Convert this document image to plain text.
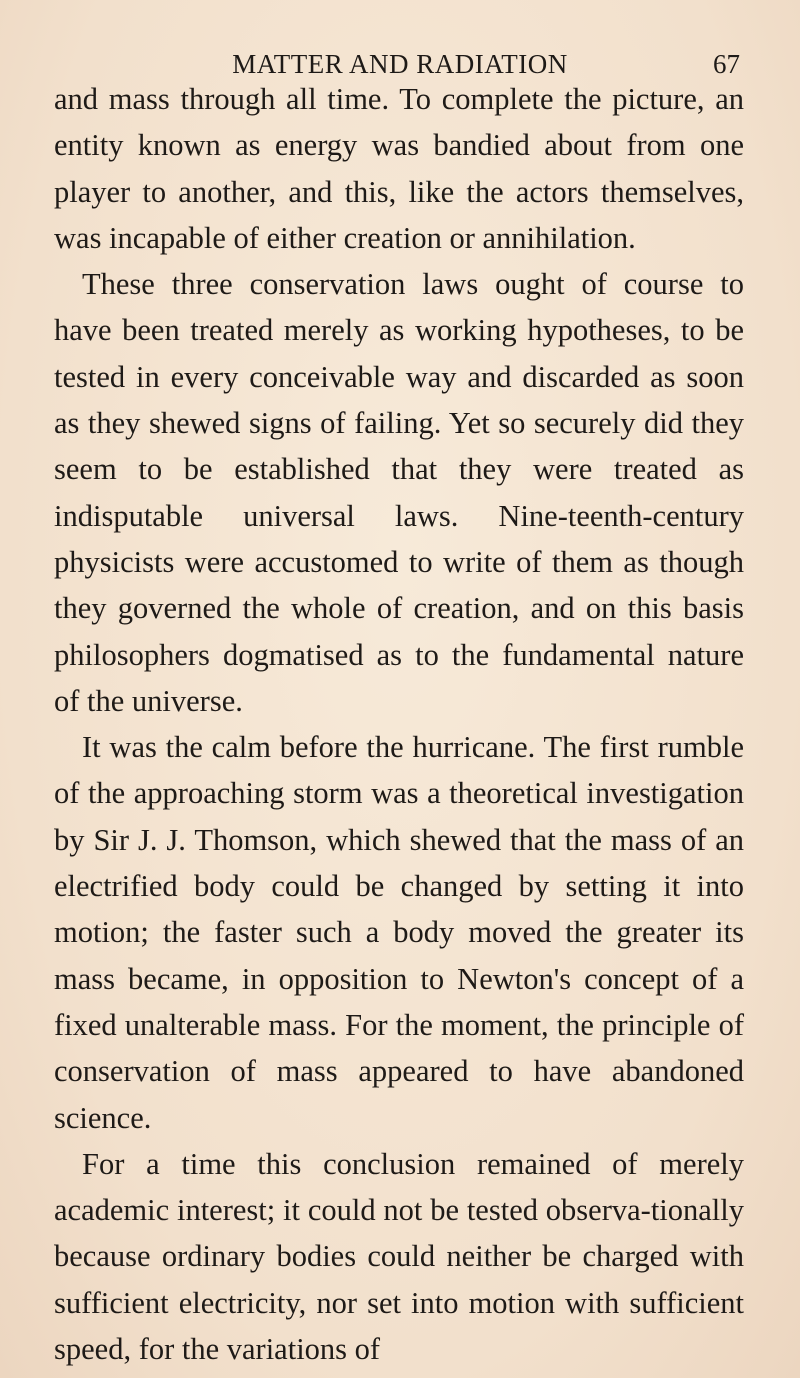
MATTER AND RADIATION	67

and mass through all time. To complete the picture, an entity known as energy was bandied about from one player to another, and this, like the actors themselves, was incapable of either creation or annihilation.

These three conservation laws ought of course to have been treated merely as working hypotheses, to be tested in every conceivable way and discarded as soon as they shewed signs of failing. Yet so securely did they seem to be established that they were treated as indisputable universal laws. Nine-teenth-century physicists were accustomed to write of them as though they governed the whole of creation, and on this basis philosophers dogmatised as to the fundamental nature of the universe.

It was the calm before the hurricane. The first rumble of the approaching storm was a theoretical investigation by Sir J. J. Thomson, which shewed that the mass of an electrified body could be changed by setting it into motion; the faster such a body moved the greater its mass became, in opposition to Newton's concept of a fixed unalterable mass. For the moment, the principle of conservation of mass appeared to have abandoned science.

For a time this conclusion remained of merely academic interest; it could not be tested observa-tionally because ordinary bodies could neither be charged with sufficient electricity, nor set into motion with sufficient speed, for the variations of
